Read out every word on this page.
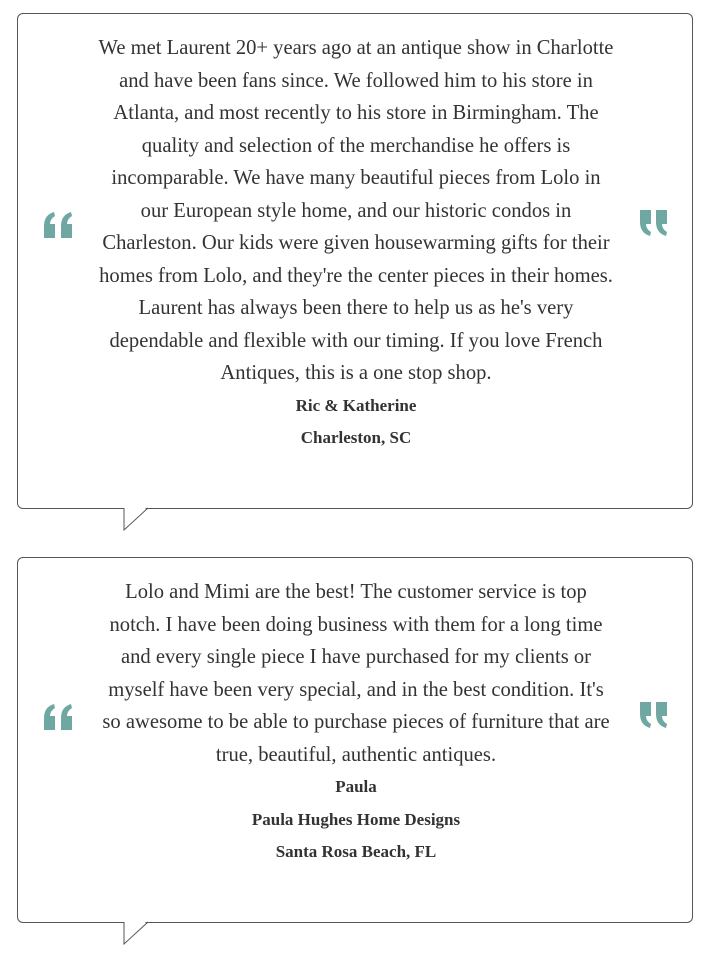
We met Laurent 20+ years ago at an antique show in Charlotte and have been fans since. We followed him to his store in Atlanta, and most recently to his store in Birmingham. The quality and selection of the merchandise he offers is incomparable. We have many beautiful pieces from Lolo in our European style home, and our historic condos in Charleston. Our kids were given housewarming gifts for their homes from Lolo, and they're the center pieces in their homes. Laurent has always been there to help us as he's very dependable and flexible with our timing. If you love French Antiques, this is a one stop shop.

Ric & Katherine

Charleston, SC

Lolo and Mimi are the best! The customer service is top notch. I have been doing business with them for a long time and every single piece I have purchased for my clients or myself have been very special, and in the best condition. It's so awesome to be able to purchase pieces of furniture that are true, beautiful, authentic antiques.

Paula

Paula Hughes Home Designs

Santa Rosa Beach, FL
